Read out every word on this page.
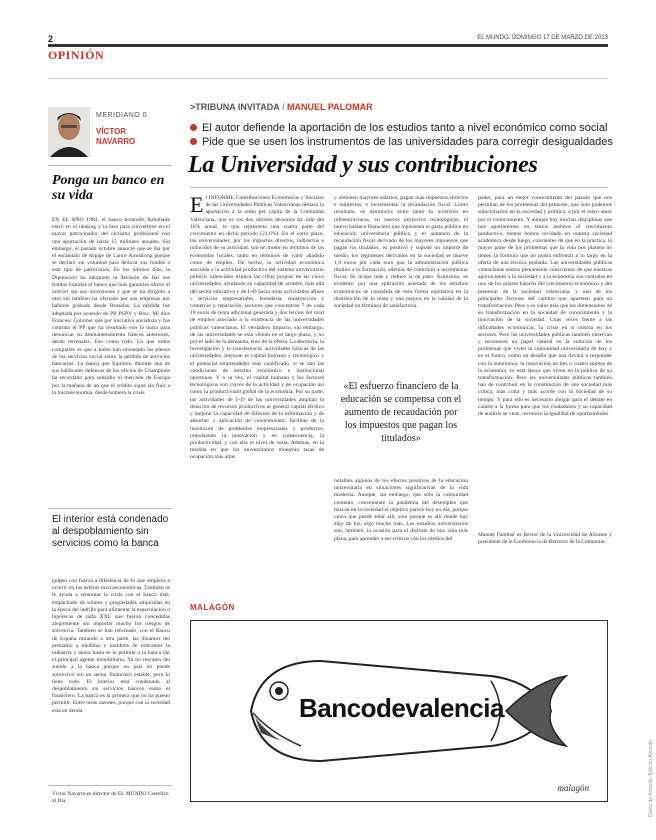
2	EL MUNDO. DOMINGO 17 DE MARZO DE 2013
OPINIÓN
MERIDIANO 0
VÍCTOR NAVARRO
Ponga un banco en su vida
EN EL AÑO 1984, el banco holandés Rabobank entró en el ránking y la fase para convertirse en el mayor patrocinador del ciclismo profesional con una aportación de hasta 15 millones anuales. Sin embargo, el pasado octubre anunció que se iba por el escándalo de dopaje de Lance Armstrong porque se declaró sin voluntad para dedicar sus fondos a este tipo de patrocinios. En los últimos días, la Diputación ha adoptado la decisión de fiar sus fondos líquidos al banco que más garantías ofrece al interior sin sus inversiones y que se ha dirigido a otro sin tambien ha ofertado por sus empresas por haberse grabado desde Bruselas. La medida fue adoptada por acuerdo de PP, PSPV y Bloc. Mi dice Francesc Colomer que por iniciativa socialista y fue contrata el PP que ha resultado con la barra para denunciar su desmantelamiento bancos anteriores, desde terrenales. Eso como todo. Lo que todos compartes es que a todos han inventado las plenos de los servicios social sobre la pérdida de servicios bancarios. La banca que Equítres, durante una de sus habituales defensas de los oficios de Champions ha recordado para subsidio el mercado de Europa por la mañana de un que el crédito sigue sin fluir a la microeconomía, desde hubiera la crisis
El interior está condenado al despoblamiento sin servicios como la banca
golpea con fuerza a diferencia de lo que empieza a ocurrir en las esferas macroeconómicas. También se le ayuda a remontar la crisis con el banco más, empachado de solares y propiedades adquiridas en la época del ladrillo para alimentar la especulación o hipotecas de talla XXL que fueron concedidas alegremente sin importar mucho los riesgos de solvencia. También se han reforzado, con el Banco de España mirando a otra parte, las dinamos del préstamo a medidas y nombres de tolerantes la industria y ahora hasta se le permite a la banca dar el principal agente inmobiliario. Ya no rescaten del sueldo a la banca porque un país no puede sobrevivir sin un sector financiero estable, pero lo tiene todo. El interior está condenado al despoblamiento sin servicios básicos como el financiero. La banca es la primera que no ha puesto permitir. Entre otras razones, porque con la sociedad está en deuda.
Víctor Navarro es director de EL MUNDO Castellón al Día.
>TRIBUNA INVITADA / MANUEL PALOMAR
El autor defiende la aportación de los estudios tanto a nivel económico como social
Pide que se usen los instrumentos de las universidades para corregir desigualdades
La Universidad y sus contribuciones
El INFORME Contribuciones Económicas y Sociales de las Universidades Públicas Valencianas destaca la aportación a la renta per cápita de la Comunitat Valenciana, que es los dos últimos decenios ha sido del 16% anual, lo que representa una cuarta parte del crecimiento en dicho periodo (21,6%). En el corto plazo, las universidades, por los impactos directos, indirectos e inducidos de su actividad, son un motor en términos de las economías locales, tanto en términos de valor añadido como de empleo. De hecho, la actividad económica asociada a la actividad productiva del sistema universitario público valenciano triplica las cifras propias de las cinco universidades, ayudando su capacidad de arrastre, más allá del sector educativo y de I+D hacia otras actividades afines y servicios empresariales, hostelería, construcción y comercio y reparación, sectores que concentran 7 de cada 10 euros de renta adicional generada y dos tercios del total de empleo asociado a la existencia de las universidades públicas valencianas. El verdadero impacto, sin embargo, de las universidades se está viendo en el largo plazo, y no por el lado de la demanda, sino de la oferta. La docencia, la investigación y la transferencia, actividades básicas de las universidades, mejoran el capital humano y tecnológico y el potencial emprendedor más cualificado, si se dan las condiciones de entorno económico e institucional oportunas. Y a su vez, el capital humano y los factores tecnológicos son claves de la actividad y de ocupación así como la productividad global de la economía. Por su parte, las actividades de I+D de las universidades amplían la dotación de recursos productivos al generar capital técnico y mejorar la capacidad de difusión de la información y de absorber y aplicación de conocimiento, facilitan de la resolución de problemas empresariales y productos, impulsando la innovación y en consecuencia, la productividad, y con ella el nivel de renta. Además, en la medida en que los universitarios muestran tasas de ocupación más altas
y obtienen mayores salarios, pagan más impuestos directos e indirectos, e incrementan la recaudación fiscal. Como resultado, se disminuye entre tanto la inversión en infraestructuras, en nuevos proyectos tecnológicos, el nuevo balance financiero que representa el gasto público en educación universitaria pública y el aumento de la recaudación fiscal derivado de los mayores impuestos que pagan los titulados, es positivo y supone un importe de medio, los regímenes derivados en la sociedad se mueve 1,9 euros por cada euro que la administración pública destina a su formación, además de contribuir a incrementar fiscal. Se ocupa más y reduce la de paro. Asimismo, es evidente, por una aplicación acertada de los estudios económicos se consolida de esta forma equitativa en la distribución de la renta y una mejora en la calidad de la sociedad en términos de satisfactoria.
«El esfuerzo financiero de la educación se compensa con el aumento de recaudación por los impuestos que pagan los titulados»
notables algunos de los efectos positivos de la educación universitaria en situaciones significativas de la vida moderna. Aunque, sin embargo, que sólo la comunidad comento, conveniente la pandemia del desempleo que buscan en la sociedad el objetivo parece hoy en día, porque cinco que puede estar allí, sino porque es allí donde hay algo de luz, algo mucho más. Los estudios universitarios son, también, la ocasión para el disfrute de una vida más plena, para aprender a ser críticos con los medios del
poder, para un mejor conocimiento del pasado que nos permitan de los problemas del presente, que solo podemos solucionarlos en la sociedad y política, a por el mero amor por el conocimiento. Y aunque hay muchas disciplinas que nos aportaremos en tantos ámbitos el crecimiento productivo, menos hemos olvidado en nuestra sociedad académica desde luego, consientes de que en la práctica, la mayor parte de los problemas que la vida nos plantea no tienen la fórmula que no podrá enfrentar a lo largo en la oferta de una técnica probada. Las universidades públicas valencianas somos plenamente conscientes de que nuestras aportaciones a la sociedad y a la economía son centrales en uno de los pilares básicos del crecimiento económico y del bienestar de la sociedad valenciana, y uno de los principales factores del cambio que apuesten para su transformación. Pese a su valor más que las dimensiones de su transformación en la sociedad de conocimiento y la innovación de la sociedad. Unas veces frente a las dificultades económicas, la crisis en sí misma en los sectores. Pero las universidades públicas también observan y reconocen un papel central en la solución de los problemas que viven la comunidad universitaria de hoy y en el futuro, como un desafío que nos llevará a responder con la autonomía, la innovación de tres o cuatro sujetos de la economía, en esta época que viven en la pública de su transformación. Pero las universidades públicas también han de contribuir en la constitución de una sociedad más crítica, más culta y más acorde con la sociedad de su tiempo. Y para ello es necesario abogar para el debate en cuanto a la forma para que los ciudadanos y su capacidad de análisis se vean, reconoce la igualdad de oportunidades.
Manuel Palomar es Rector de la Universidad de Alicante y presidente de la Conferencia de Rectores de la Comunitat.
MALAGÓN
Bancodevalencia
malagón	Diario de Alicante. Edición Alicante
